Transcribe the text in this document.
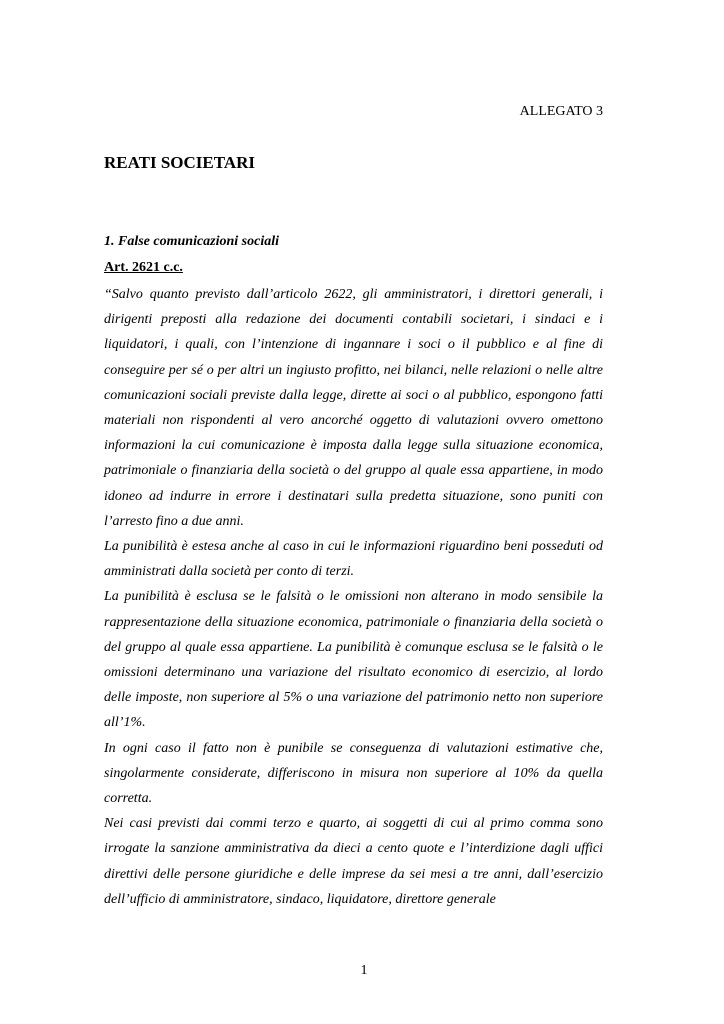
ALLEGATO 3
REATI SOCIETARI
1. False comunicazioni sociali
Art. 2621 c.c.

“Salvo quanto previsto dall’articolo 2622, gli amministratori, i direttori generali, i dirigenti preposti alla redazione dei documenti contabili societari, i sindaci e i liquidatori, i quali, con l’intenzione di ingannare i soci o il pubblico e al fine di conseguire per sé o per altri un ingiusto profitto, nei bilanci, nelle relazioni o nelle altre comunicazioni sociali previste dalla legge, dirette ai soci o al pubblico, espongono fatti materiali non rispondenti al vero ancorché oggetto di valutazioni ovvero omettono informazioni la cui comunicazione è imposta dalla legge sulla situazione economica, patrimoniale o finanziaria della società o del gruppo al quale essa appartiene, in modo idoneo ad indurre in errore i destinatari sulla predetta situazione, sono puniti con l’arresto fino a due anni.

La punibilità è estesa anche al caso in cui le informazioni riguardino beni posseduti od amministrati dalla società per conto di terzi.

La punibilità è esclusa se le falsità o le omissioni non alterano in modo sensibile la rappresentazione della situazione economica, patrimoniale o finanziaria della società o del gruppo al quale essa appartiene. La punibilità è comunque esclusa se le falsità o le omissioni determinano una variazione del risultato economico di esercizio, al lordo delle imposte, non superiore al 5% o una variazione del patrimonio netto non superiore all’1%.

In ogni caso il fatto non è punibile se conseguenza di valutazioni estimative che, singolarmente considerate, differiscono in misura non superiore al 10% da quella corretta.

Nei casi previsti dai commi terzo e quarto, ai soggetti di cui al primo comma sono irrogate la sanzione amministrativa da dieci a cento quote e l’interdizione dagli uffici direttivi delle persone giuridiche e delle imprese da sei mesi a tre anni, dall’esercizio dell’ufficio di amministratore, sindaco, liquidatore, direttore generale

1
